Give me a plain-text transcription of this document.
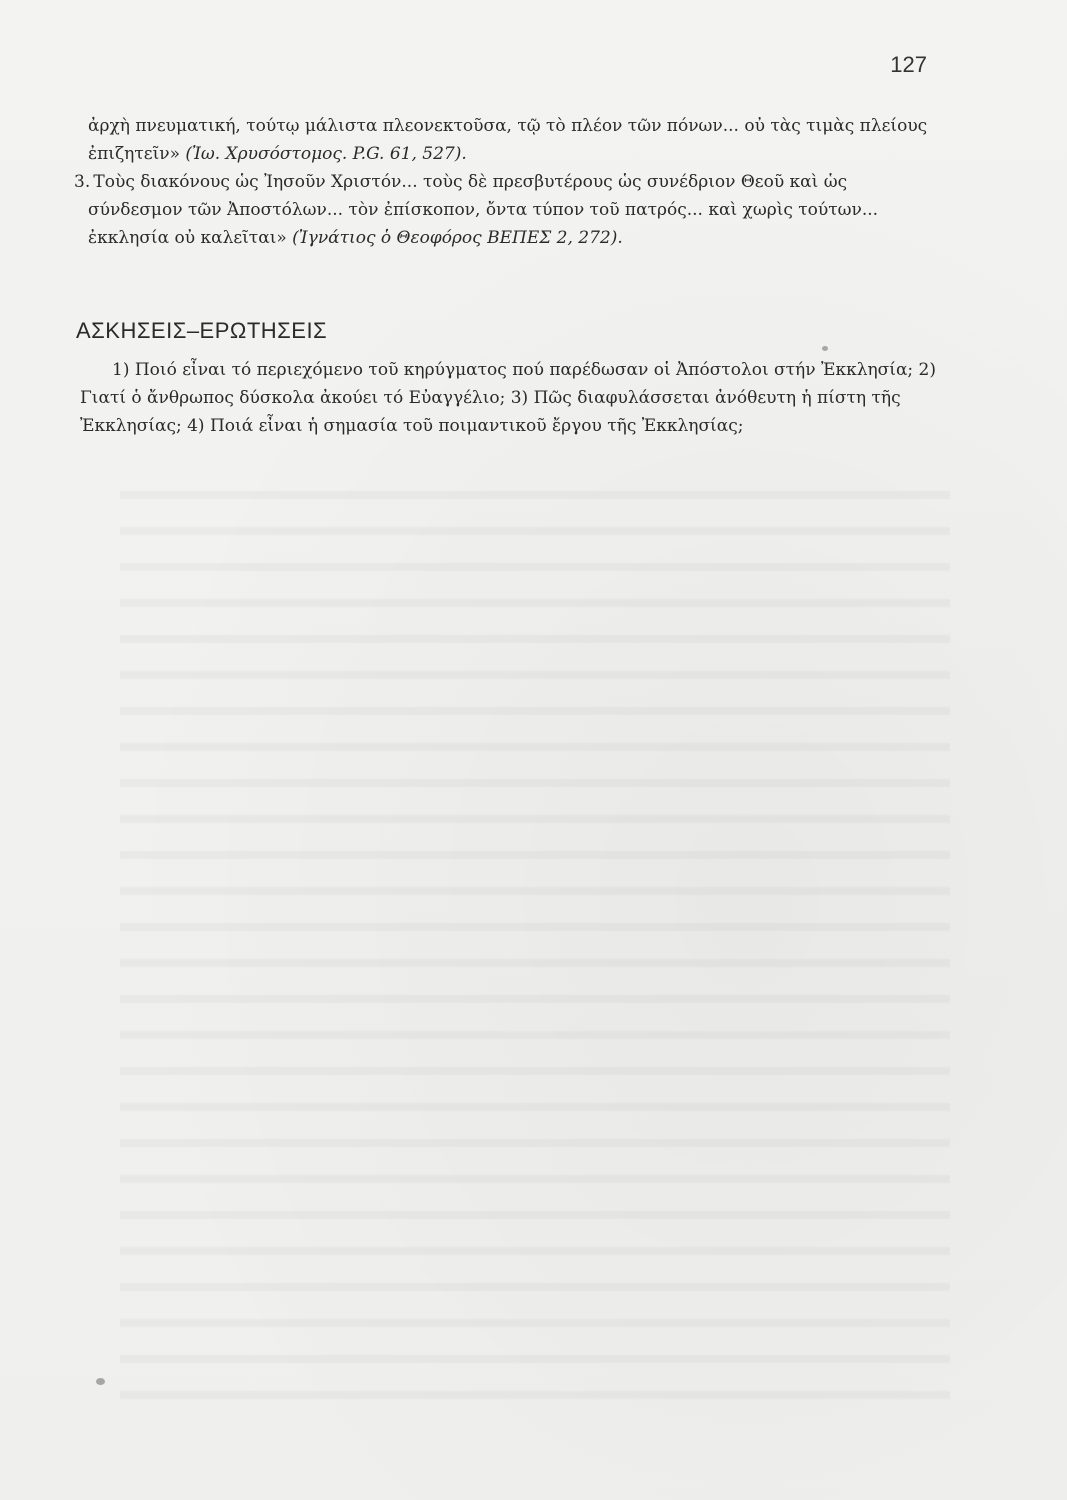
127

ἀρχὴ πνευματική, τούτῳ μάλιστα πλεονεκτοῦσα, τῷ τὸ πλέον τῶν πόνων... οὐ τὰς τιμὰς πλείους ἐπιζητεῖν» (Ἰω. Χρυσόστομος. P.G. 61, 527).

3. Τοὺς διακόνους ὡς Ἰησοῦν Χριστόν... τοὺς δὲ πρεσβυτέρους ὡς συνέδριον Θεοῦ καὶ ὡς σύνδεσμον τῶν Ἀποστόλων... τὸν ἐπίσκοπον, ὄντα τύπον τοῦ πατρός... καὶ χωρὶς τούτων... ἐκκλησία οὐ καλεῖται» (Ἰγνάτιος ὁ Θεοφόρος ΒΕΠΕΣ 2, 272).

ΑΣΚΗΣΕΙΣ–ΕΡΩΤΗΣΕΙΣ

1) Ποιό εἶναι τό περιεχόμενο τοῦ κηρύγματος πού παρέδωσαν οἱ Ἀπόστολοι στήν Ἐκκλησία; 2) Γιατί ὁ ἄνθρωπος δύσκολα ἀκούει τό Εὐαγγέλιο; 3) Πῶς διαφυλάσσεται ἀνόθευτη ἡ πίστη τῆς Ἐκκλησίας; 4) Ποιά εἶναι ἡ σημασία τοῦ ποιμαντικοῦ ἔργου τῆς Ἐκκλησίας;
